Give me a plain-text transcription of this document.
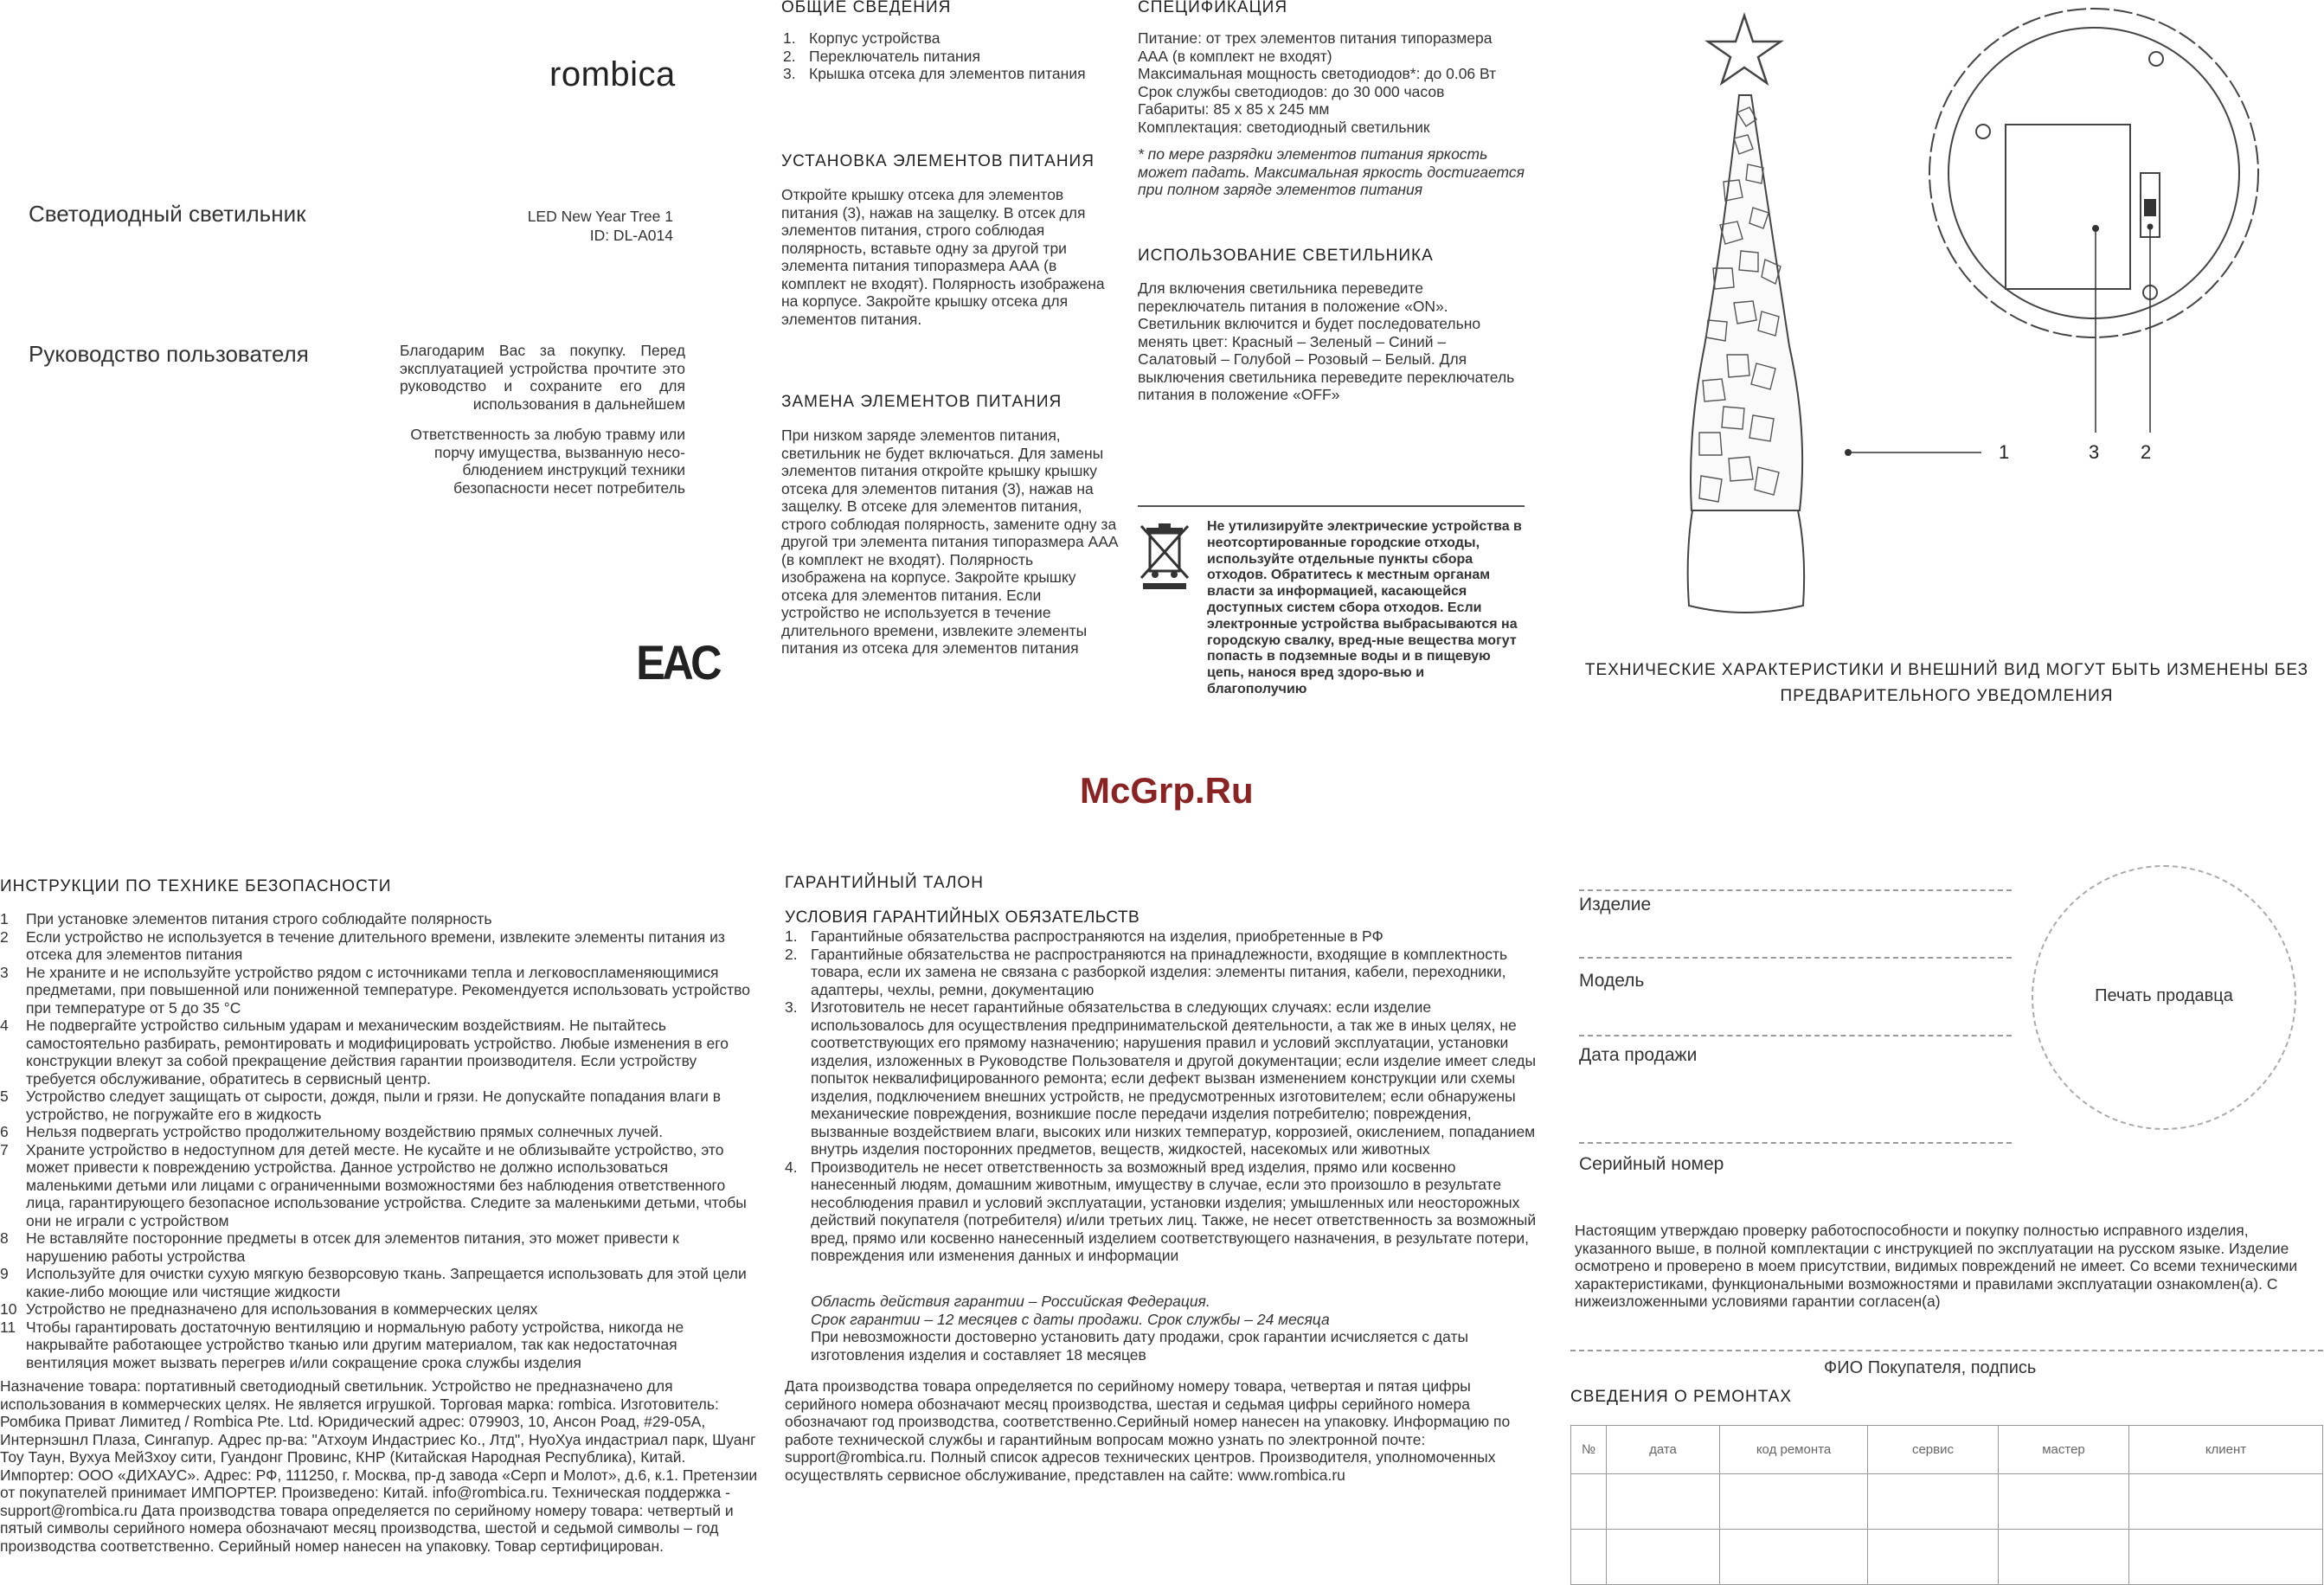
rombica
Светодиодный светильник	LED New Year Tree 1
ID: DL-A014
Руководство пользователя	Благодарим Вас за покупку. Перед эксплуатацией устройства прочтите это руководство и сохраните его для использования в дальнейшем
Ответственность за любую травму или порчу имущества, вызванную несо-блюдением инструкций техники безопасности несет потребитель
EAC
ОБЩИЕ СВЕДЕНИЯ
1. Корпус устройства
2. Переключатель питания
3. Крышка отсека для элементов питания
УСТАНОВКА ЭЛЕМЕНТОВ ПИТАНИЯ
Откройте крышку отсека для элементов питания (3), нажав на защелку. В отсек для элементов питания, строго соблюдая полярность, вставьте одну за другой три элемента питания типоразмера ААА (в комплект не входят). Полярность изображена на корпусе. Закройте крышку отсека для элементов питания.
ЗАМЕНА ЭЛЕМЕНТОВ ПИТАНИЯ
При низком заряде элементов питания, светильник не будет включаться. Для замены элементов питания откройте крышку крышку отсека для элементов питания (3), нажав на защелку. В отсеке для элементов питания, строго соблюдая полярность, замените одну за другой три элемента питания типоразмера ААА (в комплект не входят). Полярность изображена на корпусе. Закройте крышку отсека для элементов питания. Если устройство не используется в течение длительного времени, извлеките элементы питания из отсека для элементов питания
СПЕЦИФИКАЦИЯ

Питание: от трех элементов питания типоразмера

ААА (в комплект не входят)

Максимальная мощность светодиодов*: до 0.06 Вт

Срок службы светодиодов: до 30 000 часов

Габариты: 85 х 85 х 245 мм

Комплектация: светодиодный светильник

* по мере разрядки элементов питания яркость может падать. Максимальная яркость достигается при полном заряде элементов питания
ИСПОЛЬЗОВАНИЕ СВЕТИЛЬНИКА
Для включения светильника переведите переключатель питания в положение «ON». Светильник включится и будет последовательно менять цвет: Красный – Зеленый – Синий – Салатовый – Голубой – Розовый – Белый. Для выключения светильника переведите переключатель питания в положение «OFF»
Не утилизируйте электрические устройства в неотсортированные городские отходы, используйте отдельные пункты сбора отходов. Обратитесь к местным органам власти за информацией, касающейся доступных систем сбора отходов. Если электронные устройства выбрасываются на городскую свалку, вред-ные вещества могут попасть в подземные воды и в пищевую цепь, нанося вред здоро-вью и благополучию
1	3 2
ТЕХНИЧЕСКИЕ ХАРАКТЕРИСТИКИ И ВНЕШНИЙ ВИД МОГУТ БЫТЬ ИЗМЕНЕНЫ БЕЗ ПРЕДВАРИТЕЛЬНОГО УВЕДОМЛЕНИЯ
McGrp.Ru
ИНСТРУКЦИИ ПО ТЕХНИКЕ БЕЗОПАСНОСТИ
1 При установке элементов питания строго соблюдайте полярность
2 Если устройство не используется в течение длительного времени, извлеките элементы питания из отсека для элементов питания
3 Не храните и не используйте устройство рядом с источниками тепла и легковоспламеняющимися предметами, при повышенной или пониженной температуре. Рекомендуется использовать устройство при температуре от 5 до 35 °C
4 Не подвергайте устройство сильным ударам и механическим воздействиям. Не пытайтесь самостоятельно разбирать, ремонтировать и модифицировать устройство. Любые изменения в его конструкции влекут за собой прекращение действия гарантии производителя. Если устройству требуется обслуживание, обратитесь в сервисный центр.
5 Устройство следует защищать от сырости, дождя, пыли и грязи. Не допускайте попадания влаги в устройство, не погружайте его в жидкость
6 Нельзя подвергать устройство продолжительному воздействию прямых солнечных лучей.
7 Храните устройство в недоступном для детей месте. Не кусайте и не облизывайте устройство, это может привести к повреждению устройства. Данное устройство не должно использоваться маленькими детьми или лицами с ограниченными возможностями без наблюдения ответственного лица, гарантирующего безопасное использование устройства. Следите за маленькими детьми, чтобы они не играли с устройством
8 Не вставляйте посторонние предметы в отсек для элементов питания, это может привести к нарушению работы устройства
9 Используйте для очистки сухую мягкую безворсовую ткань. Запрещается использовать для этой цели какие-либо моющие или чистящие жидкости
10 Устройство не предназначено для использования в коммерческих целях
11 Чтобы гарантировать достаточную вентиляцию и нормальную работу устройства, никогда не накрывайте работающее устройство тканью или другим материалом, так как недостаточная вентиляция может вызвать перегрев и/или сокращение срока службы изделия
Назначение товара: портативный светодиодный светильник. Устройство не предназначено для использования в коммерческих целях. Не является игрушкой. Торговая марка: rombica. Изготовитель: Ромбика Приват Лимитед / Rombica Pte. Ltd. Юридический адрес: 079903, 10, Ансон Роад, #29-05A, Интернэшнл Плаза, Сингапур. Адрес пр-ва: "Атхоум Индастриес Ко., Лтд", НуоХуа индастриал парк, Шуанг Тоу Таун, Вухуа МейЗхоу сити, Гуандонг Провинс, КНР (Китайская Народная Республика), Китай. Импортер: ООО «ДИХАУС». Адрес: РФ, 111250, г. Москва, пр-д завода «Серп и Молот», д.6, к.1. Претензии от покупателей принимает ИМПОРТЕР. Произведено: Китай. info@rombica.ru. Техническая поддержка - support@rombica.ru Дата производства товара определяется по серийному номеру товара: четвертый и пятый символы серийного номера обозначают месяц производства, шестой и седьмой символы – год производства соответственно. Серийный номер нанесен на упаковку. Товар сертифицирован.
ГАРАНТИЙНЫЙ ТАЛОН
УСЛОВИЯ ГАРАНТИЙНЫХ ОБЯЗАТЕЛЬСТВ
1. Гарантийные обязательства распространяются на изделия, приобретенные в РФ
2. Гарантийные обязательства не распространяются на принадлежности, входящие в комплектность товара, если их замена не связана с разборкой изделия: элементы питания, кабели, переходники, адаптеры, чехлы, ремни, документацию
3. Изготовитель не несет гарантийные обязательства в следующих случаях: если изделие использовалось для осуществления предпринимательской деятельности, а так же в иных целях, не соответствующих его прямому назначению; нарушения правил и условий эксплуатации, установки изделия, изложенных в Руководстве Пользователя и другой документации; если изделие имеет следы попыток неквалифицированного ремонта; если дефект вызван изменением конструкции или схемы изделия, подключением внешних устройств, не предусмотренных изготовителем; если обнаружены механические повреждения, возникшие после передачи изделия потребителю; повреждения, вызванные воздействием влаги, высоких или низких температур, коррозией, окислением, попаданием внутрь изделия посторонних предметов, веществ, жидкостей, насекомых или животных
4. Производитель не несет ответственность за возможный вред изделия, прямо или косвенно нанесенный людям, домашним животным, имуществу в случае, если это произошло в результате несоблюдения правил и условий эксплуатации, установки изделия; умышленных или неосторожных действий покупателя (потребителя) и/или третьих лиц. Также, не несет ответственность за возможный вред, прямо или косвенно нанесенный изделием соответствующего назначения, в результате потери, повреждения или изменения данных и информации

Область действия гарантии – Российская Федерация.

Срок гарантии – 12 месяцев с даты продажи. Срок службы – 24 месяца

При невозможности достоверно установить дату продажи, срок гарантии исчисляется с даты изготовления изделия и составляет 18 месяцев

Дата производства товара определяется по серийному номеру товара, четвертая и пятая цифры серийного номера обозначают месяц производства, шестая и седьмая цифры серийного номера обозначают год производства, соответственно.Серийный номер нанесен на упаковку. Информацию по работе технической службы и гарантийным вопросам можно узнать по электронной почте: support@rombica.ru. Полный список адресов технических центров. Производителя, уполномоченных осуществлять сервисное обслуживание, представлен на сайте: www.rombica.ru
Изделие
Модель
Дата продажи
Серийный номер
Печать продавца
Настоящим утверждаю проверку работоспособности и покупку полностью исправного изделия, указанного выше, в полной комплектации с инструкцией по эксплуатации на русском языке. Изделие осмотрено и проверено в моем присутствии, видимых повреждений не имеет. Со всеми техническими характеристиками, функциональными возможностями и правилами эксплуатации ознакомлен(а). С нижеизложенными условиями гарантии согласен(а)
ФИО Покупателя, подпись
СВЕДЕНИЯ О РЕМОНТАХ
№	дата	код ремонта	сервис	мастер	клиент
